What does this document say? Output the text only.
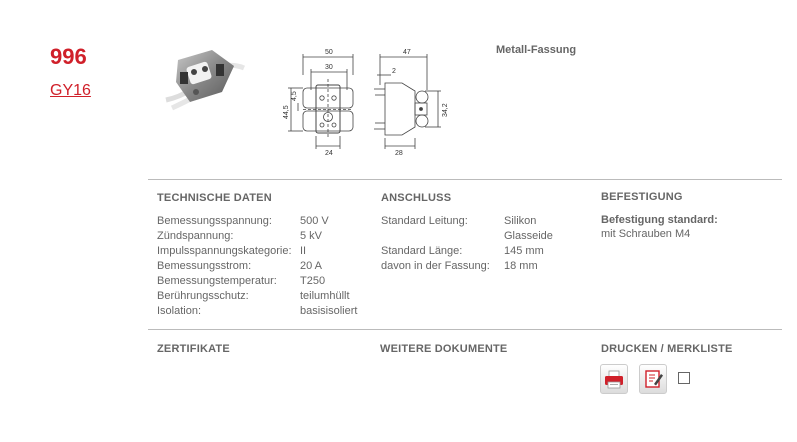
996
GY16
50
30
24
47
2
28
44,5
4,5
34,2
Metall-Fassung
TECHNISCHE DATEN	ANSCHLUSS	BEFESTIGUNG
Bemessungsspannung:	500 V
Zündspannung:	5 kV
Impulsspannungskategorie:	II
Bemessungsstrom:	20 A
Bemessungstemperatur:	T250
Berührungsschutz:	teilumhüllt
Isolation:	basisisoliert
Standard Leitung:	Silikon
Glasseide
Standard Länge:	145 mm
davon in der Fassung:	18 mm
Befestigung standard:
mit Schrauben M4
ZERTIFIKATE	WEITERE DOKUMENTE	DRUCKEN / MERKLISTE
